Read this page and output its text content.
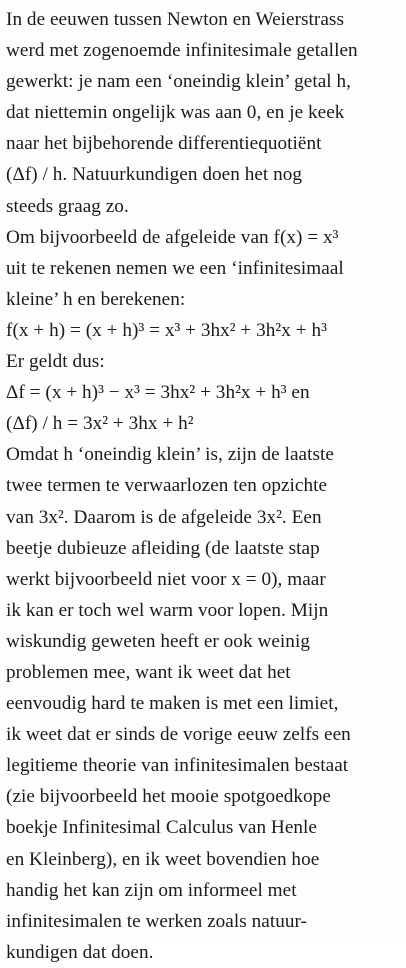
In de eeuwen tussen Newton en Weierstrass
werd met zogenoemde infinitesimale getallen
gewerkt: je nam een ‘oneindig klein’ getal h,
dat niettemin ongelijk was aan 0, en je keek
naar het bijbehorende differentiequotiënt
(Δf) / h. Natuurkundigen doen het nog
steeds graag zo.
Om bijvoorbeeld de afgeleide van f(x) = x³
uit te rekenen nemen we een ‘infinitesimaal
kleine’ h en berekenen:
f(x + h) = (x + h)³ = x³ + 3hx² + 3h²x + h³
Er geldt dus:
Δf = (x + h)³ − x³ = 3hx² + 3h²x + h³ en
(Δf) / h = 3x² + 3hx + h²
Omdat h ‘oneindig klein’ is, zijn de laatste
twee termen te verwaarlozen ten opzichte
van 3x². Daarom is de afgeleide 3x². Een
beetje dubieuze afleiding (de laatste stap
werkt bijvoorbeeld niet voor x = 0), maar
ik kan er toch wel warm voor lopen. Mijn
wiskundig geweten heeft er ook weinig
problemen mee, want ik weet dat het
eenvoudig hard te maken is met een limiet,
ik weet dat er sinds de vorige eeuw zelfs een
legitieme theorie van infinitesimalen bestaat
(zie bijvoorbeeld het mooie spotgoedkope
boekje Infinitesimal Calculus van Henle
en Kleinberg), en ik weet bovendien hoe
handig het kan zijn om informeel met
infinitesimalen te werken zoals natuur-
kundigen dat doen.
